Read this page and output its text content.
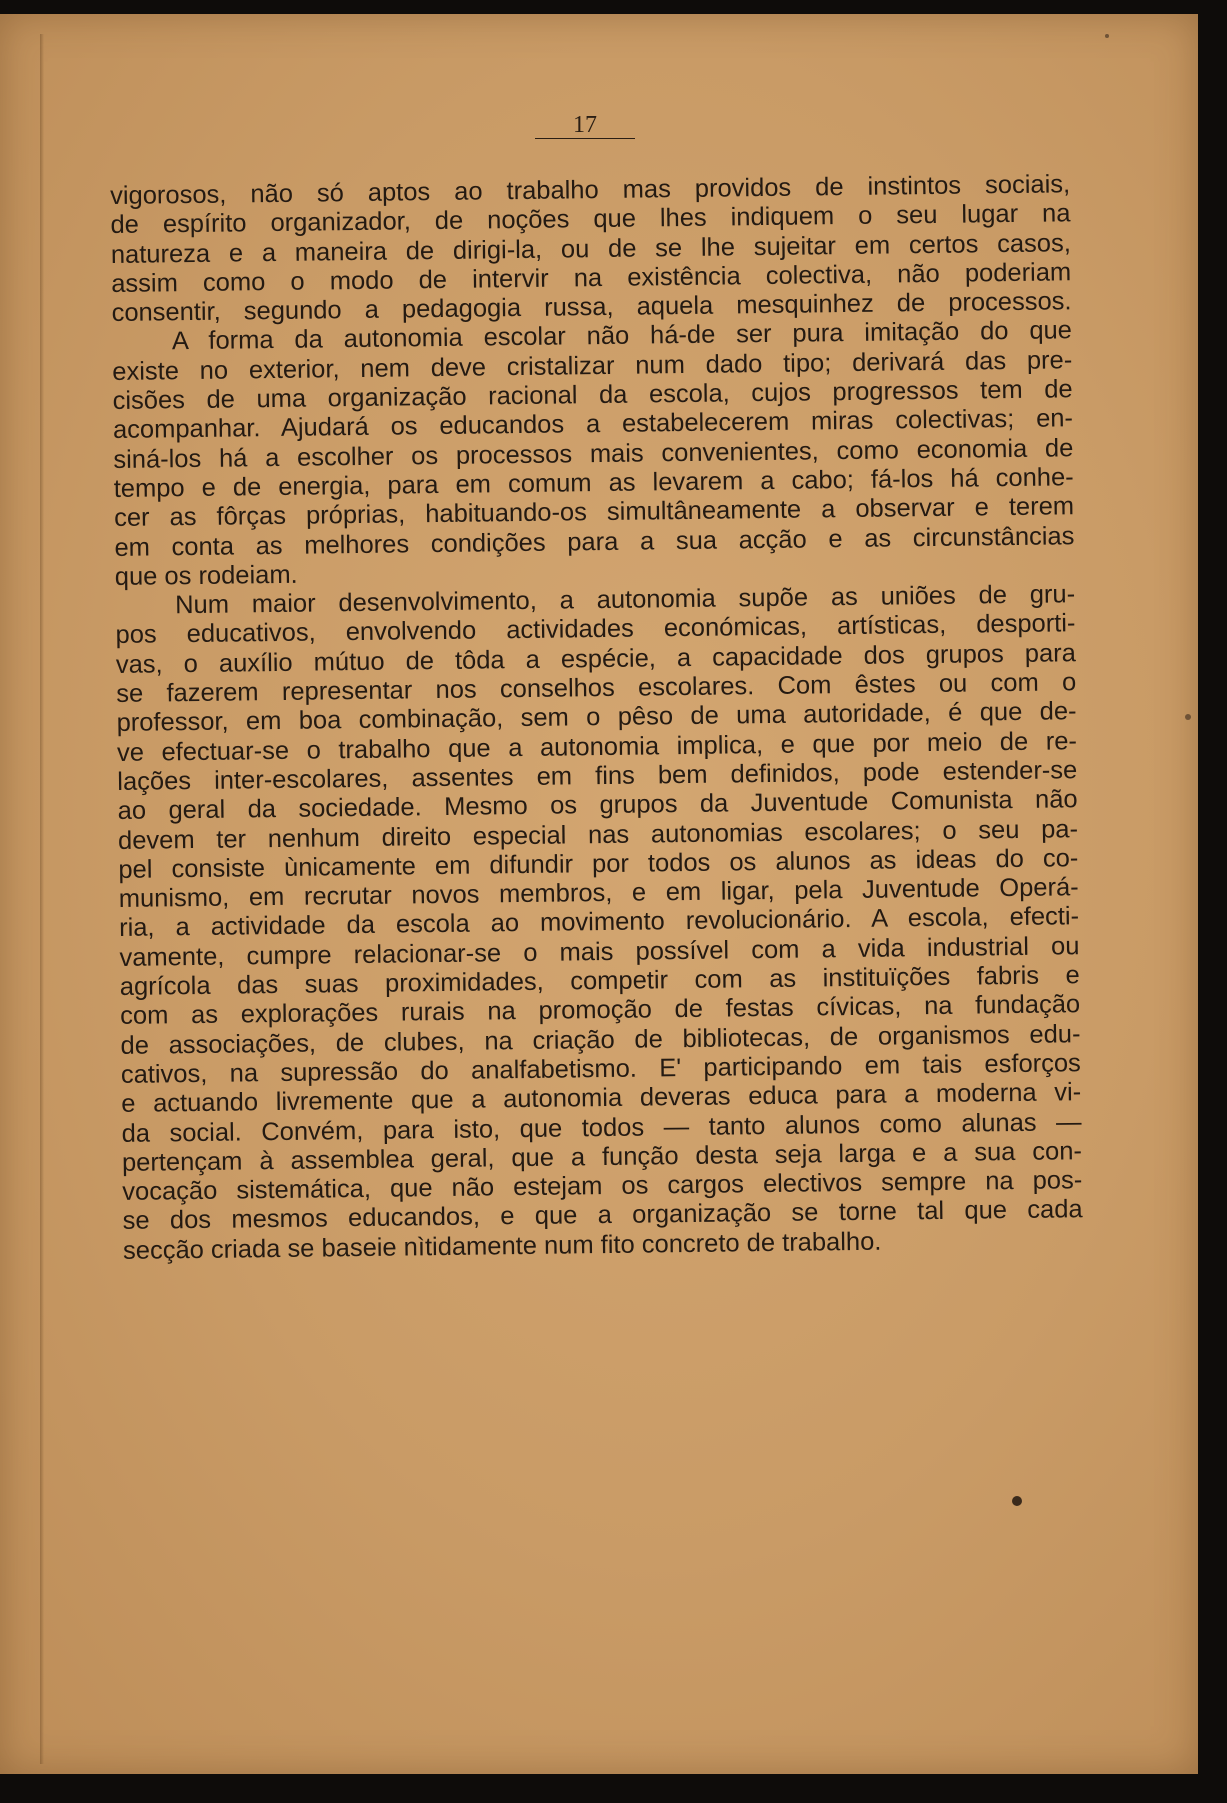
17
vigorosos, não só aptos ao trabalho mas providos de instintos sociais,
de espírito organizador, de noções que lhes indiquem o seu lugar na
natureza e a maneira de dirigi-la, ou de se lhe sujeitar em certos casos,
assim como o modo de intervir na existência colectiva, não poderiam
consentir, segundo a pedagogia russa, aquela mesquinhez de processos.
A forma da autonomia escolar não há-de ser pura imitação do que
existe no exterior, nem deve cristalizar num dado tipo; derivará das pre-
cisões de uma organização racional da escola, cujos progressos tem de
acompanhar. Ajudará os educandos a estabelecerem miras colectivas; en-
siná-los há a escolher os processos mais convenientes, como economia de
tempo e de energia, para em comum as levarem a cabo; fá-los há conhe-
cer as fôrças próprias, habituando-os simultâneamente a observar e terem
em conta as melhores condições para a sua acção e as circunstâncias
que os rodeiam.
Num maior desenvolvimento, a autonomia supõe as uniões de gru-
pos educativos, envolvendo actividades económicas, artísticas, desporti-
vas, o auxílio mútuo de tôda a espécie, a capacidade dos grupos para
se fazerem representar nos conselhos escolares. Com êstes ou com o
professor, em boa combinação, sem o pêso de uma autoridade, é que de-
ve efectuar-se o trabalho que a autonomia implica, e que por meio de re-
lações inter-escolares, assentes em fins bem definidos, pode estender-se
ao geral da sociedade. Mesmo os grupos da Juventude Comunista não
devem ter nenhum direito especial nas autonomias escolares; o seu pa-
pel consiste ùnicamente em difundir por todos os alunos as ideas do co-
munismo, em recrutar novos membros, e em ligar, pela Juventude Operá-
ria, a actividade da escola ao movimento revolucionário. A escola, efecti-
vamente, cumpre relacionar-se o mais possível com a vida industrial ou
agrícola das suas proximidades, competir com as instituïções fabris e
com as explorações rurais na promoção de festas cívicas, na fundação
de associações, de clubes, na criação de bibliotecas, de organismos edu-
cativos, na supressão do analfabetismo. E' participando em tais esforços
e actuando livremente que a autonomia deveras educa para a moderna vi-
da social. Convém, para isto, que todos — tanto alunos como alunas —
pertençam à assemblea geral, que a função desta seja larga e a sua con-
vocação sistemática, que não estejam os cargos electivos sempre na pos-
se dos mesmos educandos, e que a organização se torne tal que cada
secção criada se baseie nìtidamente num fito concreto de trabalho.
